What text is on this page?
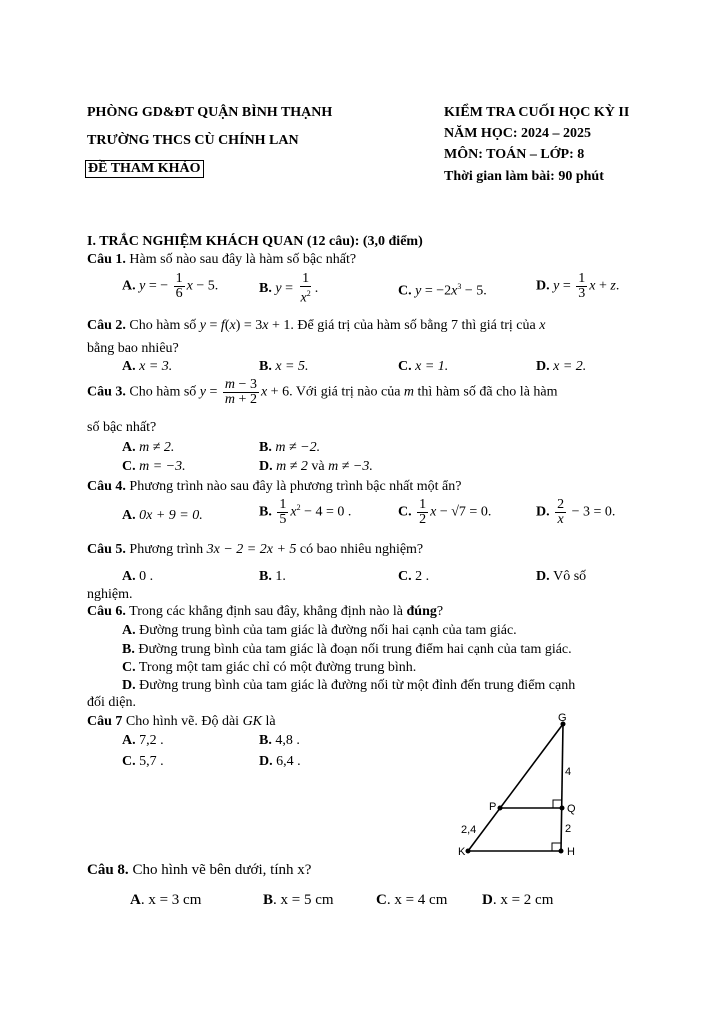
PHÒNG GD&ĐT QUẬN BÌNH THẠNH
TRƯỜNG THCS CÙ CHÍNH LAN
ĐỀ THAM KHẢO
KIỂM TRA CUỐI HỌC KỲ II
NĂM HỌC: 2024 – 2025
MÔN: TOÁN – LỚP: 8
Thời gian làm bài: 90 phút
I. TRẮC NGHIỆM KHÁCH QUAN (12 câu): (3,0 điểm)
Câu 1. Hàm số nào sau đây là hàm số bậc nhất?
A. y = − $\frac{1}{6}$ x − 5.	B. $y = \frac{1}{x^2}$ .	C. $y = -2x^3 - 5$.	D. $y = \frac{1}{3}$ x + z.
Câu 2. Cho hàm số y = f(x) = 3x + 1. Để giá trị của hàm số bằng 7 thì giá trị của x
bằng bao nhiêu?
A. x = 3.	B. x = 5.	C. x = 1.	D. x = 2.
Câu 3. Cho hàm số $y = \frac{m - 3}{m + 2}$ x + 6. Với giá trị nào của m thì hàm số đã cho là hàm
số bậc nhất?
A. m ≠ 2.	B. m ≠ −2.
C. m = −3.	D. m ≠ 2 và m ≠ −3.
Câu 4. Phương trình nào sau đây là phương trình bậc nhất một ẩn?
A. 0x + 9 = 0.	B. $\frac{1}{5} x^2 - 4 = 0$ .	C. $\frac{1}{2}$ x − √7 = 0.	D. $\frac{2}{x} - 3 = 0$.
Câu 5. Phương trình 3x − 2 = 2x + 5 có bao nhiêu nghiệm?
A. 0 .	B. 1.	C. 2 .	D. Vô số
nghiệm.
Câu 6. Trong các khẳng định sau đây, khẳng định nào là đúng?
A. Đường trung bình của tam giác là đường nối hai cạnh của tam giác.
B. Đường trung bình của tam giác là đoạn nối trung điểm hai cạnh của tam giác.
C. Trong một tam giác chỉ có một đường trung bình.
D. Đường trung bình của tam giác là đường nối từ một đỉnh đến trung điểm cạnh
đối diện.
Câu 7 Cho hình vẽ. Độ dài GK là
A. 7,2 .	B. 4,8 .
C. 5,7 .	D. 6,4 .
G
P	Q
K	H
4
2
2,4
Câu 8. Cho hình vẽ bên dưới, tính x?
A. x = 3 cm	B. x = 5 cm	C. x = 4 cm D. x = 2 cm
